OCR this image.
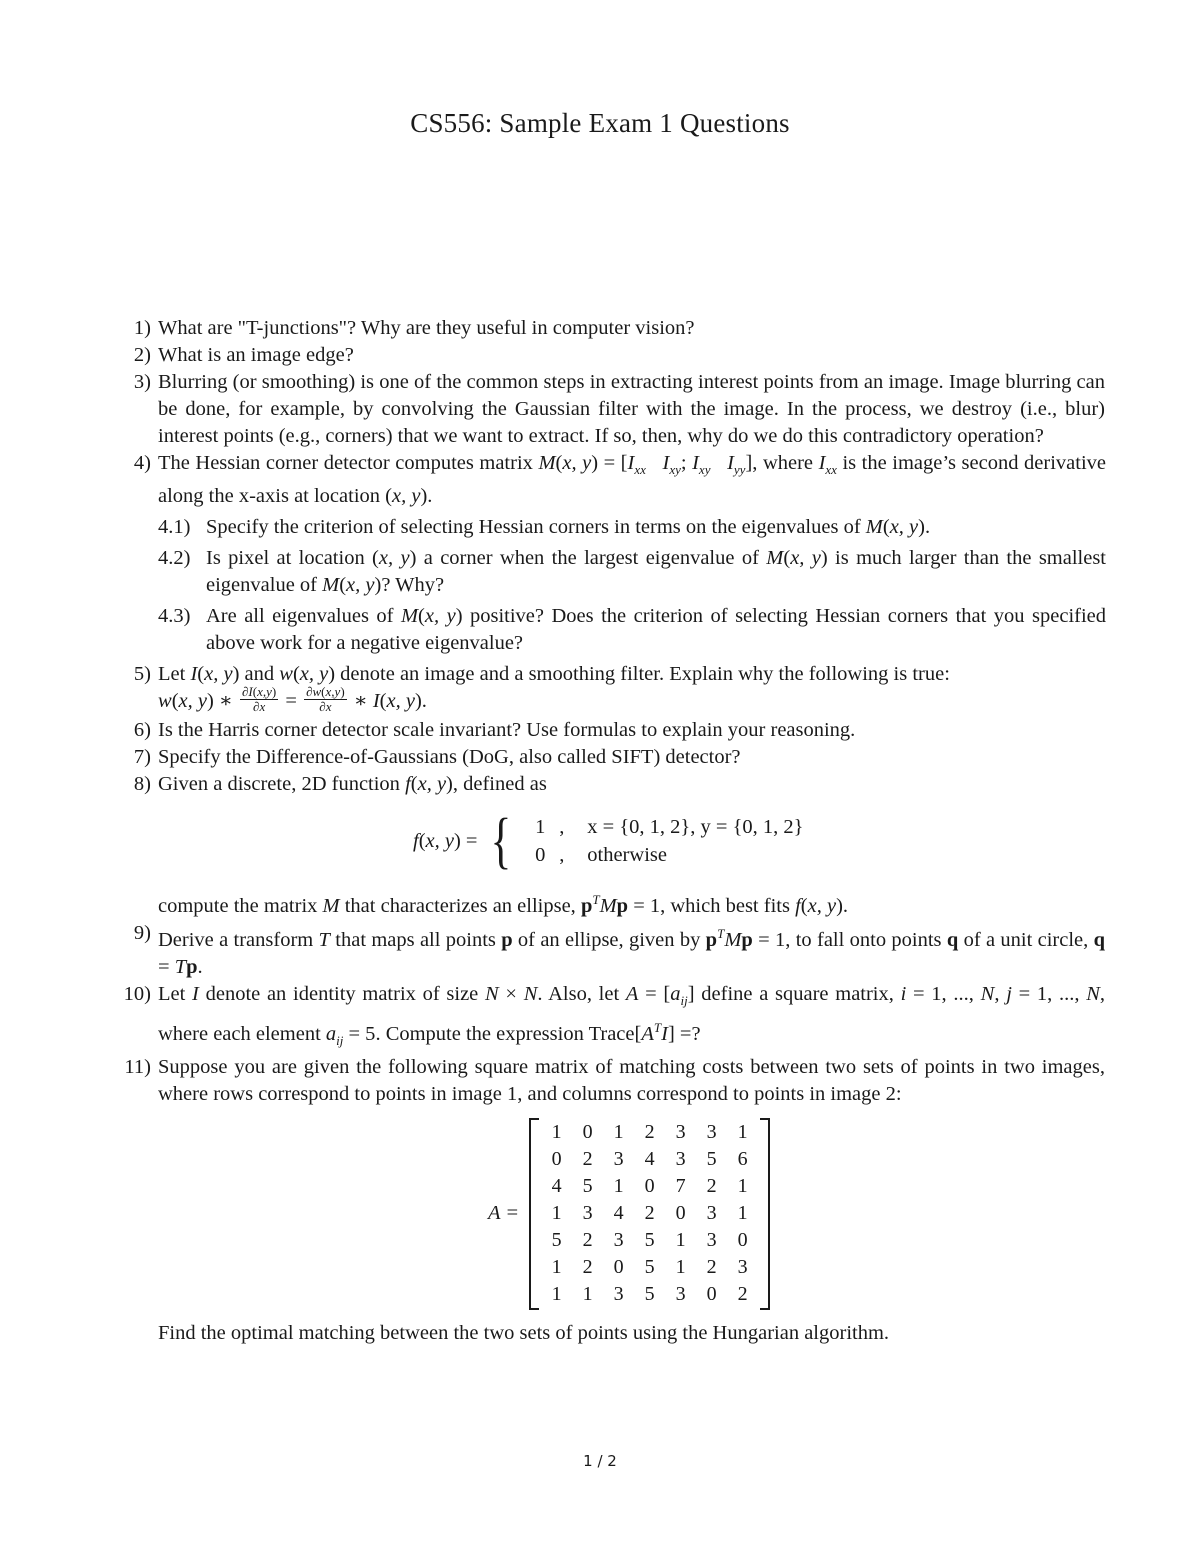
CS556: Sample Exam 1 Questions
1) What are "T-junctions"? Why are they useful in computer vision?
2) What is an image edge?
3) Blurring (or smoothing) is one of the common steps in extracting interest points from an image. Image blurring can be done, for example, by convolving the Gaussian filter with the image. In the process, we destroy (i.e., blur) interest points (e.g., corners) that we want to extract. If so, then, why do we do this contradictory operation?
4) The Hessian corner detector computes matrix M(x, $y) = [I_{xx}$ $I_{xy}$; $I_{xy}$ $I_{yy}$], where $I_{xx}$ is the image’s second derivative along the x-axis at location (x, y).
4.1) Specify the criterion of selecting Hessian corners in terms on the eigenvalues of M(x, y).
4.2) Is pixel at location (x, y) a corner when the largest eigenvalue of M(x, y) is much larger than the smallest eigenvalue of M(x, y)? Why?
4.3) Are all eigenvalues of M(x, y) positive? Does the criterion of selecting Hessian corners that you specified above work for a negative eigenvalue?
5) Let I(x, y) and w(x, y) denote an image and a smoothing filter. Explain why the following is true:
w(x, y) ∗ $\frac{\partial I(x,y)}{\partial x} = \frac{\partial w(x,y)}{\partial x}$ ∗ I(x, y).
6) Is the Harris corner detector scale invariant? Use formulas to explain your reasoning.
7) Specify the Difference-of-Gaussians (DoG, also called SIFT) detector?
8) Given a discrete, 2D function f(x, y), defined as
f(x, y) = {	1 ,	x = {0, 1, 2}, y = {0, 1, 2}
0 ,	otherwise
compute the matrix M that characterizes an ellipse, $p^TMp = 1$, which best fits f(x, y).
9) Derive a transform T that maps all points p of an ellipse, given by $p^TMp = 1$, to fall onto points q of a unit circle, q = Tp.
10) Let I denote an identity matrix of size N × N. Also, let $A = [a_{ij}]$ define a square matrix, i = 1, ..., N, j = 1, ..., N, where each element $a_{ij} = 5$. Compute the expression $Trace[A^TI]$ =?
11) Suppose you are given the following square matrix of matching costs between two sets of points in two images, where rows correspond to points in image 1, and columns correspond to points in image 2:
A =
1	0	1	2	3	3	1
0	2	3	4	3	5	6
4	5	1	0	7	2	1
1	3	4	2	0	3	1
5	2	3	5	1	3	0
1	2	0	5	1	2	3
1	1	3	5	3	0	2
Find the optimal matching between the two sets of points using the Hungarian algorithm.
1 / 2
